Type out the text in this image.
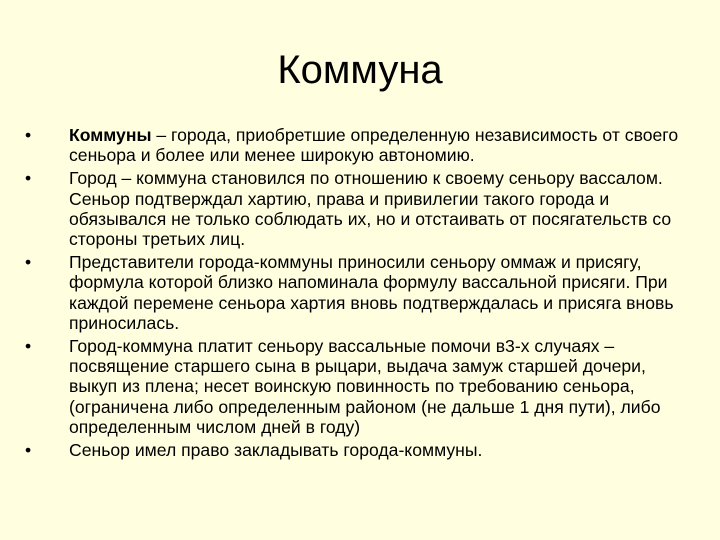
Коммуна
•	Коммуны – города, приобретшие определенную независимость от своего сеньора и более или менее широкую автономию.
•	Город – коммуна становился по отношению к своему сеньору вассалом. Сеньор подтверждал хартию, права и привилегии такого города и обязывался не только соблюдать их, но и отстаивать от посягательств со стороны третьих лиц.
•	Представители города-коммуны приносили сеньору оммаж и присягу, формула которой близко напоминала формулу вассальной присяги. При каждой перемене сеньора хартия вновь подтверждалась и присяга вновь приносилась.
•	Город-коммуна платит сеньору вассальные помочи в3-х случаях – посвящение старшего сына в рыцари, выдача замуж старшей дочери, выкуп из плена; несет воинскую повинность по требованию сеньора, (ограничена либо определенным районом (не дальше 1 дня пути), либо определенным числом дней в году)
•	Сеньор имел право закладывать города-коммуны.
